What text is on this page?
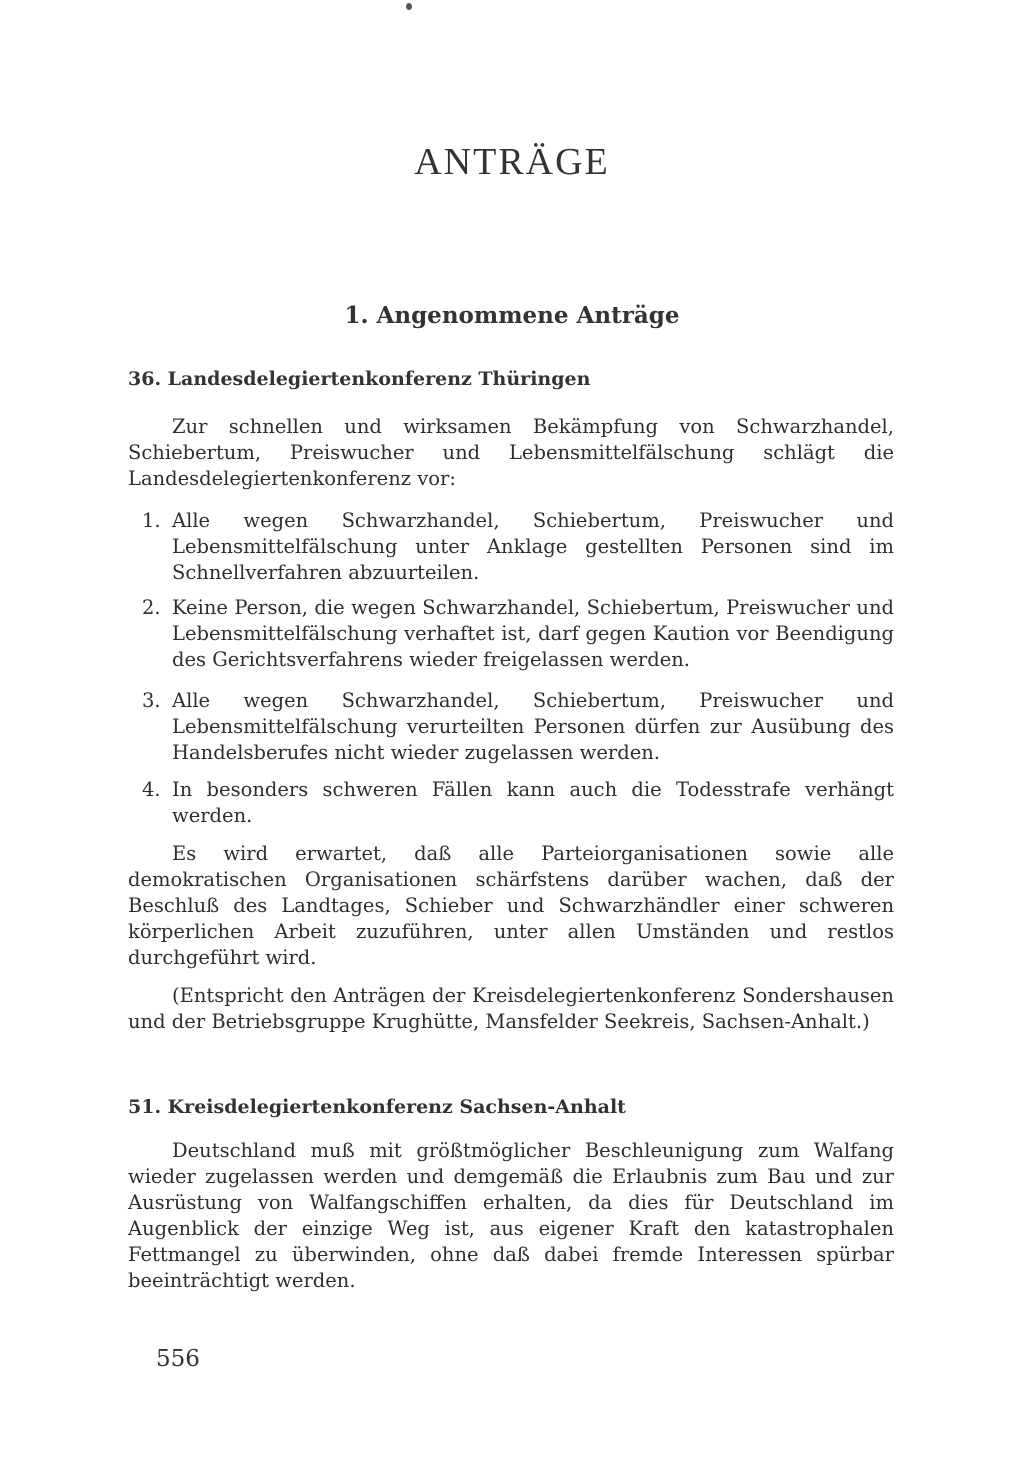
ANTRÄGE
1. Angenommene Anträge
36. Landesdelegiertenkonferenz Thüringen
Zur schnellen und wirksamen Bekämpfung von Schwarzhandel, Schiebertum, Preiswucher und Lebensmittelfälschung schlägt die Landesdelegiertenkonferenz vor:
1. Alle wegen Schwarzhandel, Schiebertum, Preiswucher und Lebensmittelfälschung unter Anklage gestellten Personen sind im Schnellverfahren abzuurteilen.
2. Keine Person, die wegen Schwarzhandel, Schiebertum, Preiswucher und Lebensmittelfälschung verhaftet ist, darf gegen Kaution vor Beendigung des Gerichtsverfahrens wieder freigelassen werden.
3. Alle wegen Schwarzhandel, Schiebertum, Preiswucher und Lebensmittelfälschung verurteilten Personen dürfen zur Ausübung des Handelsberufes nicht wieder zugelassen werden.
4. In besonders schweren Fällen kann auch die Todesstrafe verhängt werden.
Es wird erwartet, daß alle Parteiorganisationen sowie alle demokratischen Organisationen schärfstens darüber wachen, daß der Beschluß des Landtages, Schieber und Schwarzhändler einer schweren körperlichen Arbeit zuzuführen, unter allen Umständen und restlos durchgeführt wird.
(Entspricht den Anträgen der Kreisdelegiertenkonferenz Sondershausen und der Betriebsgruppe Krughütte, Mansfelder Seekreis, Sachsen-Anhalt.)
51. Kreisdelegiertenkonferenz Sachsen-Anhalt
Deutschland muß mit größtmöglicher Beschleunigung zum Walfang wieder zugelassen werden und demgemäß die Erlaubnis zum Bau und zur Ausrüstung von Walfangschiffen erhalten, da dies für Deutschland im Augenblick der einzige Weg ist, aus eigener Kraft den katastrophalen Fettmangel zu überwinden, ohne daß dabei fremde Interessen spürbar beeinträchtigt werden.
556
